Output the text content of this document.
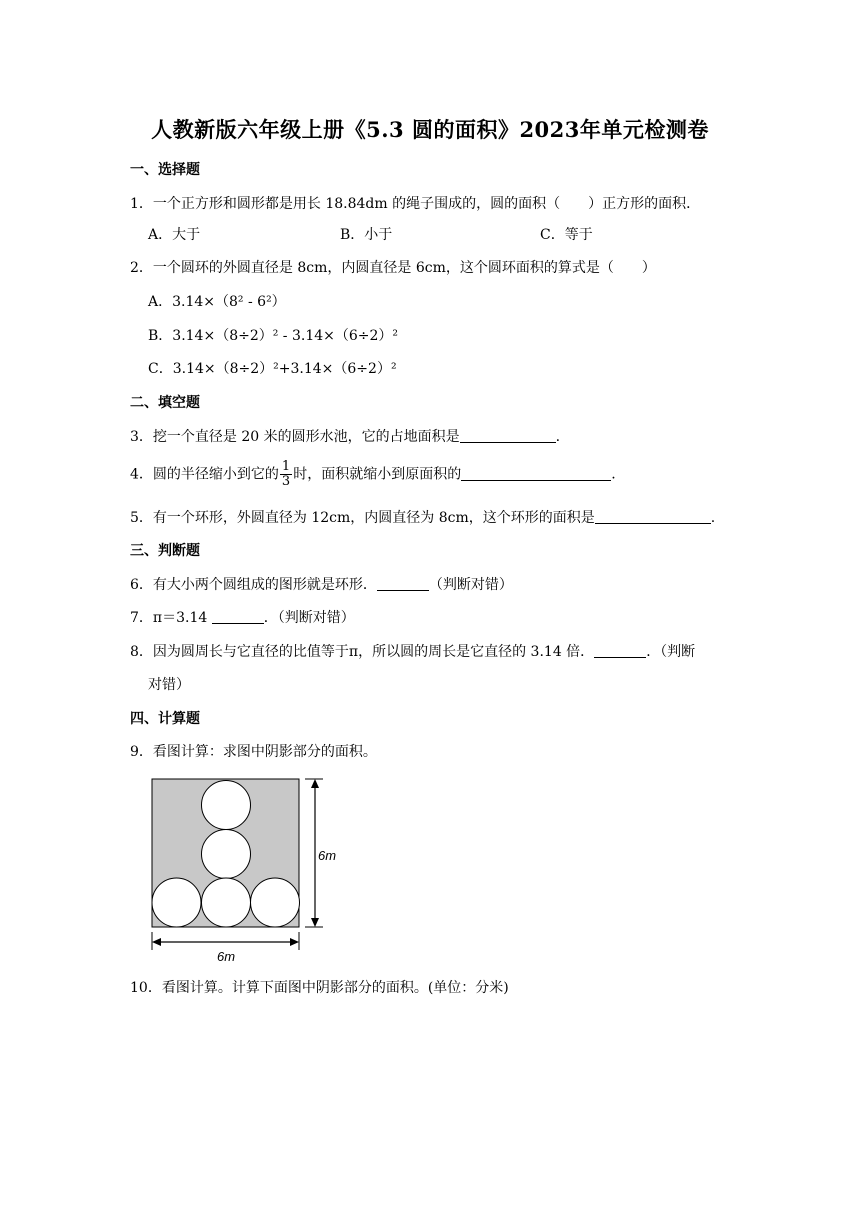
人教新版六年级上册《5.3 圆的面积》2023年单元检测卷
一、选择题
1．一个正方形和圆形都是用长 18.84dm 的绳子围成的，圆的面积（　　）正方形的面积．
A．大于	B．小于	C．等于
2．一个圆环的外圆直径是 8cm，内圆直径是 6cm，这个圆环面积的算式是（　　）
A．3.14×（8² - 6²）
B．3.14×（8÷2）² - 3.14×（6÷2）²
C．3.14×（8÷2）²+3.14×（6÷2）²
二、填空题
3．挖一个直径是 20 米的圆形水池，它的占地面积是	.
4．圆的半径缩小到它的 $\frac{1}{3}$ 时，面积就缩小到原面积的	.
5．有一个环形，外圆直径为 12cm，内圆直径为 8cm，这个环形的面积是	.
三、判断题
6．有大小两个圆组成的图形就是环形．	（判断对错）
7．π＝3.14	．（判断对错）
8．因为圆周长与它直径的比值等于π，所以圆的周长是它直径的 3.14 倍．	．（判断
对错）
四、计算题
9．看图计算：求图中阴影部分的面积。
6m
6m
10．看图计算。计算下面图中阴影部分的面积。(单位：分米)
